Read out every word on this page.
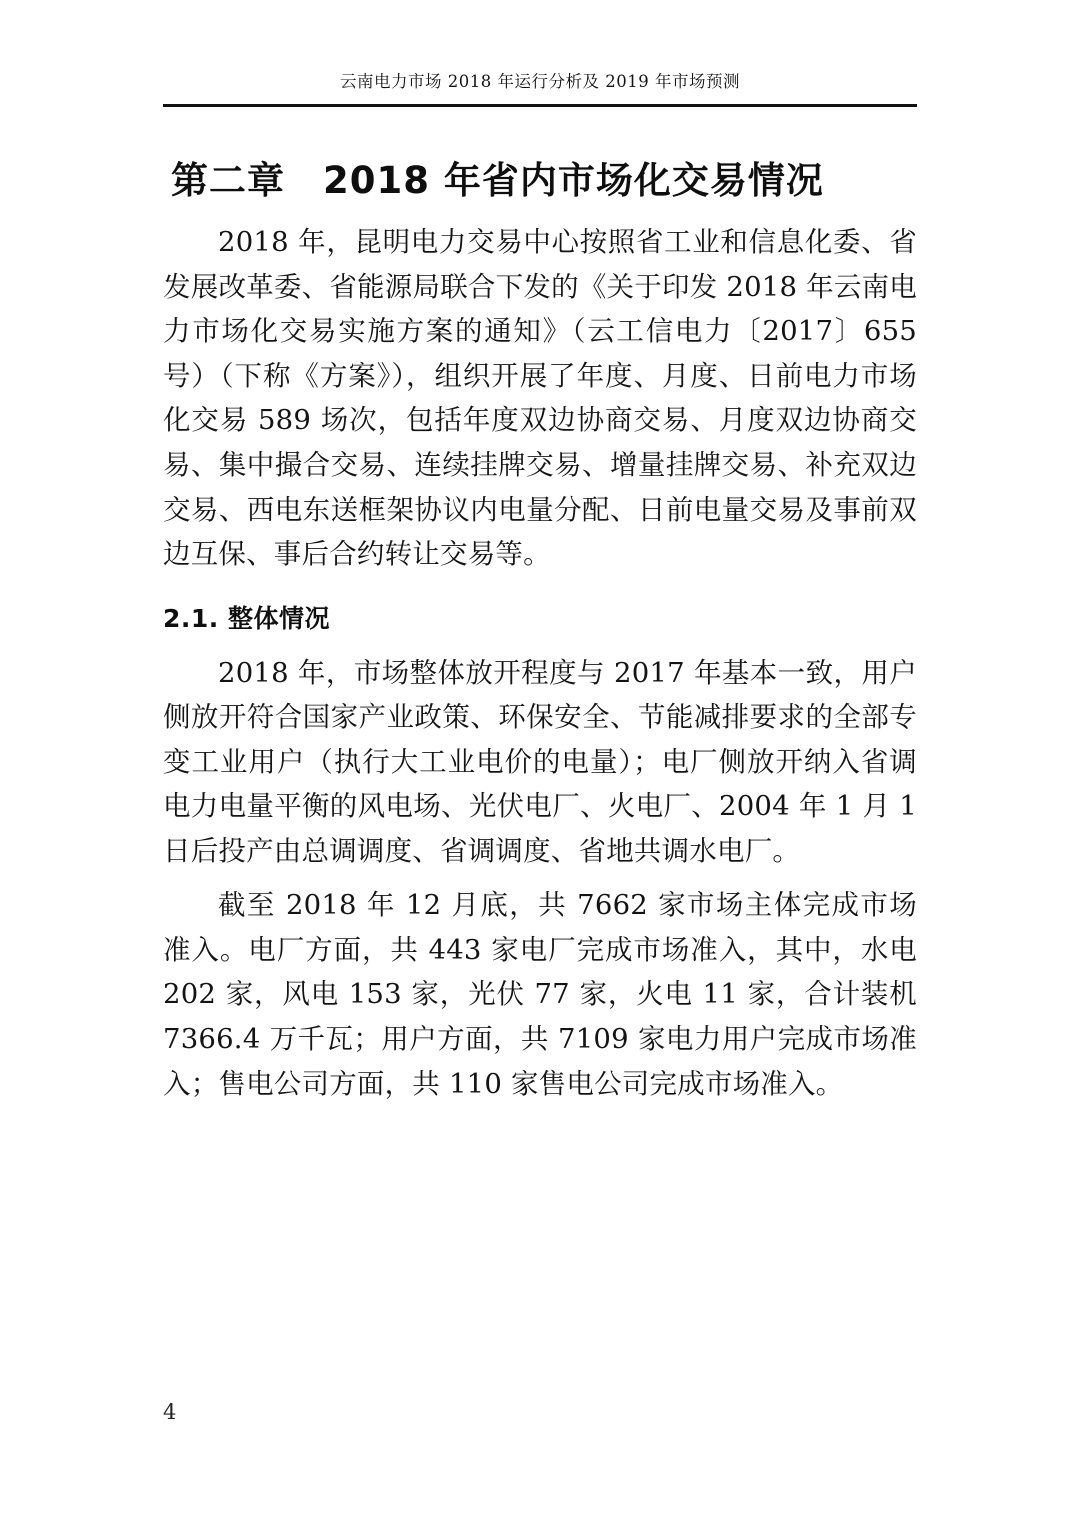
云南电力市场 2018 年运行分析及 2019 年市场预测
第二章　2018 年省内市场化交易情况

2018 年，昆明电力交易中心按照省工业和信息化委、省发展改革委、省能源局联合下发的《关于印发 2018 年云南电力市场化交易实施方案的通知》（云工信电力〔2017〕655 号）（下称《方案》），组织开展了年度、月度、日前电力市场化交易 589 场次，包括年度双边协商交易、月度双边协商交易、集中撮合交易、连续挂牌交易、增量挂牌交易、补充双边交易、西电东送框架协议内电量分配、日前电量交易及事前双边互保、事后合约转让交易等。

2.1. 整体情况

2018 年，市场整体放开程度与 2017 年基本一致，用户侧放开符合国家产业政策、环保安全、节能减排要求的全部专变工业用户（执行大工业电价的电量）；电厂侧放开纳入省调电力电量平衡的风电场、光伏电厂、火电厂、2004 年 1 月 1 日后投产由总调调度、省调调度、省地共调水电厂。

截至 2018 年 12 月底，共 7662 家市场主体完成市场准入。电厂方面，共 443 家电厂完成市场准入，其中，水电 202 家，风电 153 家，光伏 77 家，火电 11 家，合计装机 7366.4 万千瓦；用户方面，共 7109 家电力用户完成市场准入；售电公司方面，共 110 家售电公司完成市场准入。

4
